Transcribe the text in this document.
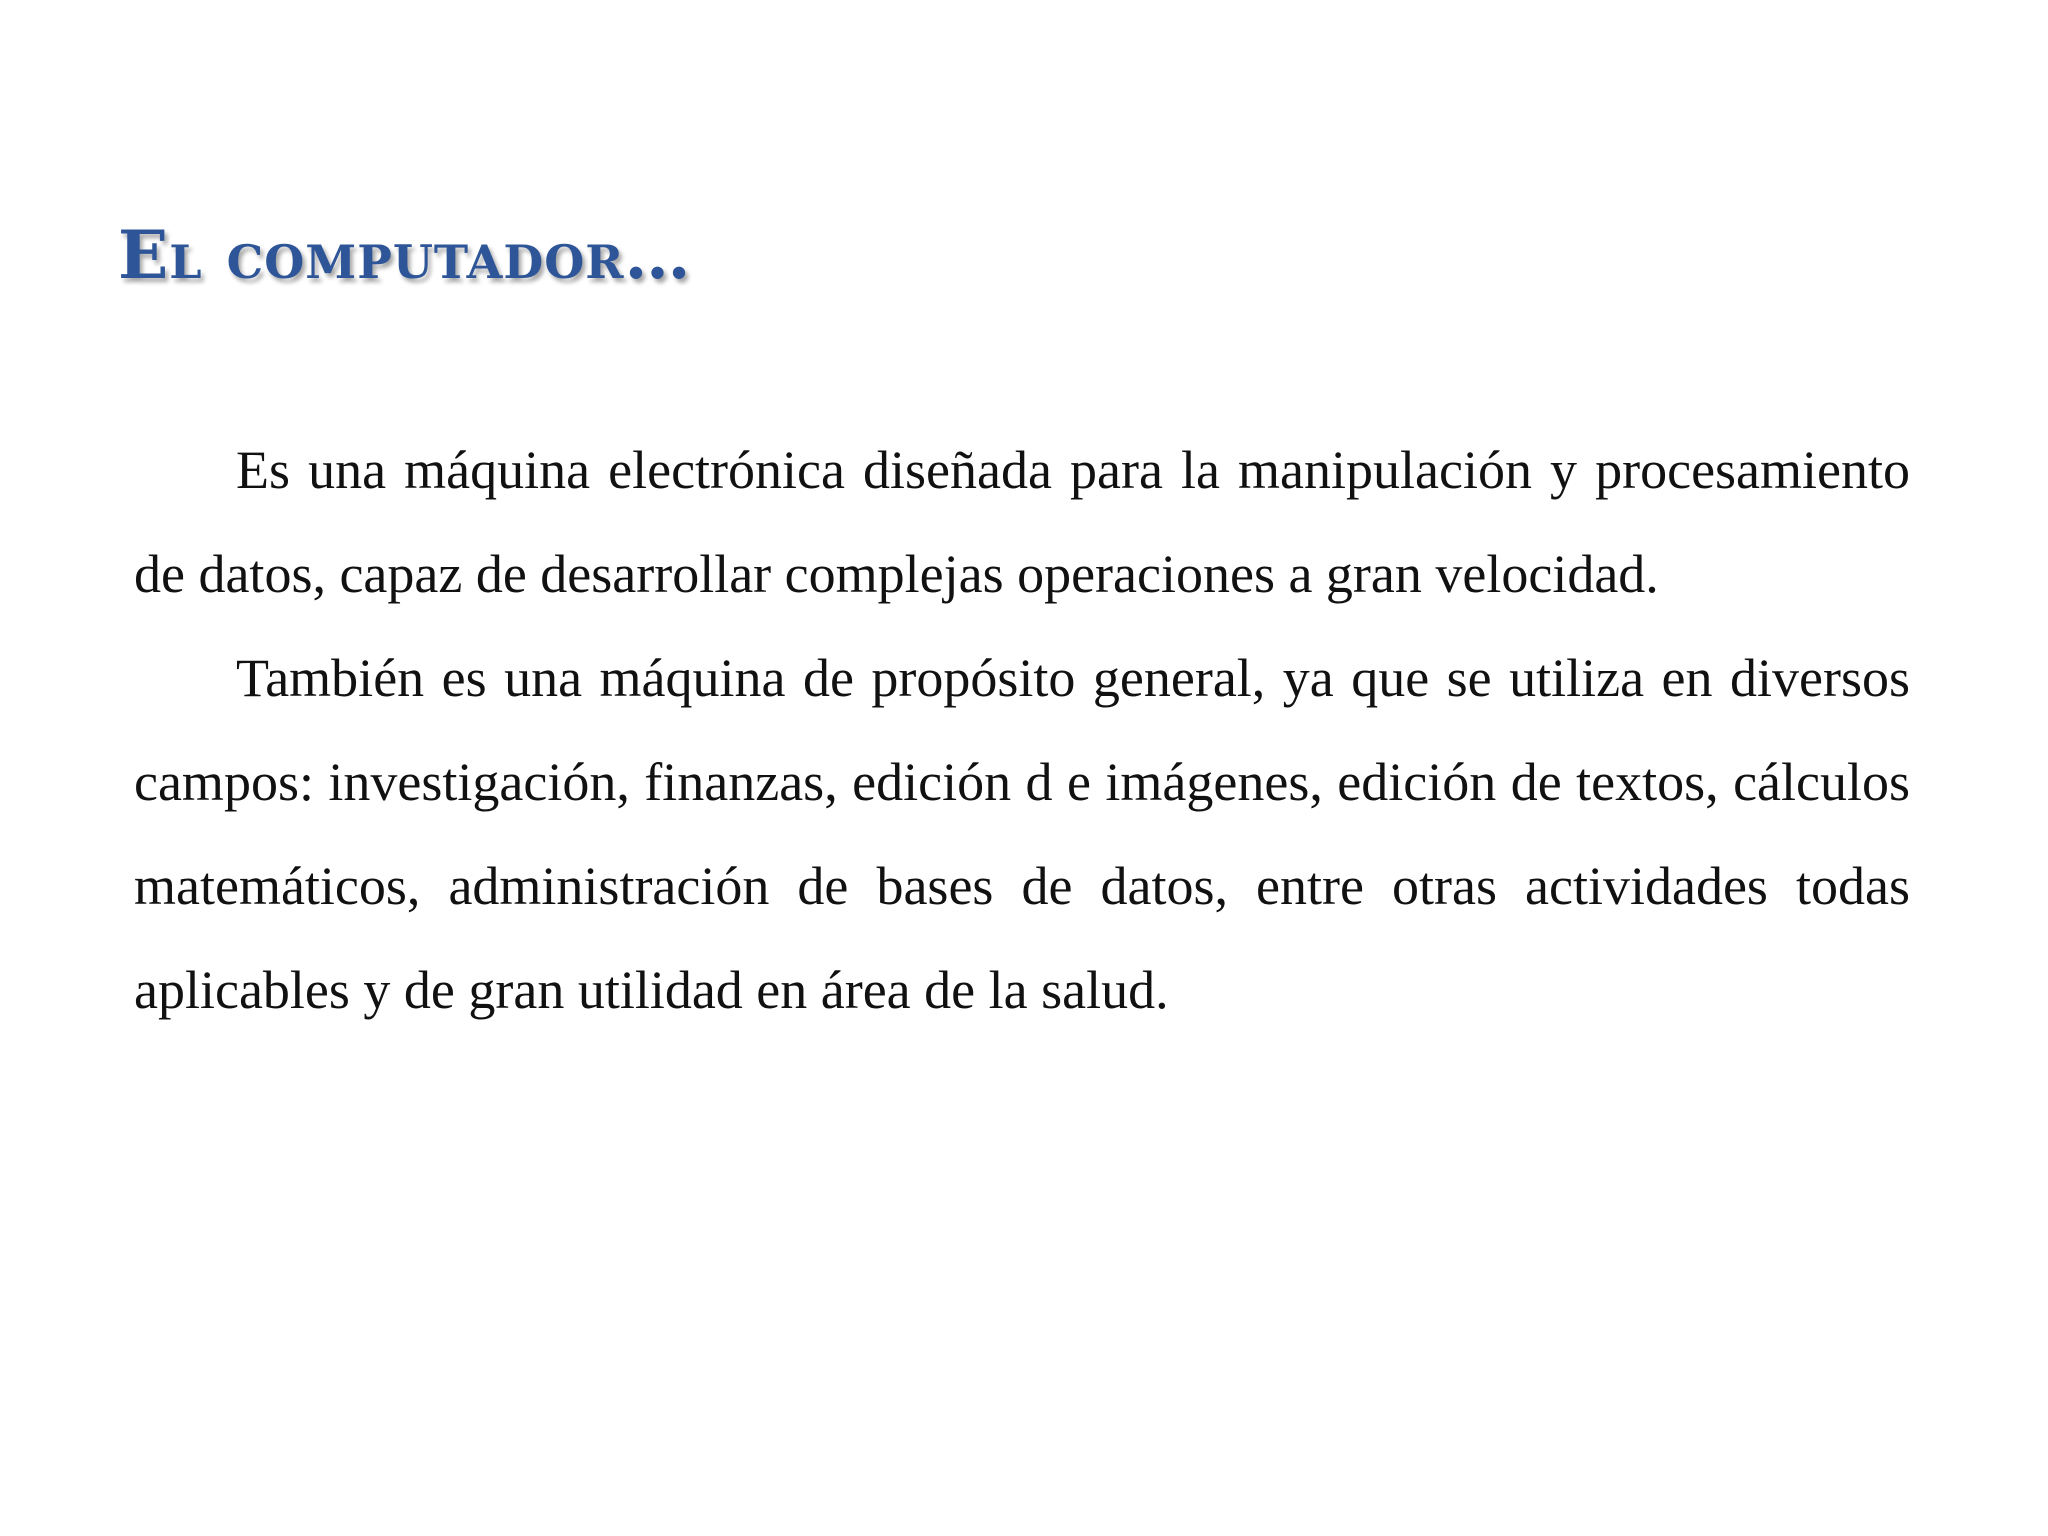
El computador…

Es una máquina electrónica diseñada para la manipulación y procesamiento de datos, capaz de desarrollar complejas operaciones a gran velocidad.

También es una máquina de propósito general, ya que se utiliza en diversos campos: investigación, finanzas, edición d e imágenes, edición de textos, cálculos matemáticos, administración de bases de datos, entre otras actividades todas aplicables y de gran utilidad en área de la salud.
